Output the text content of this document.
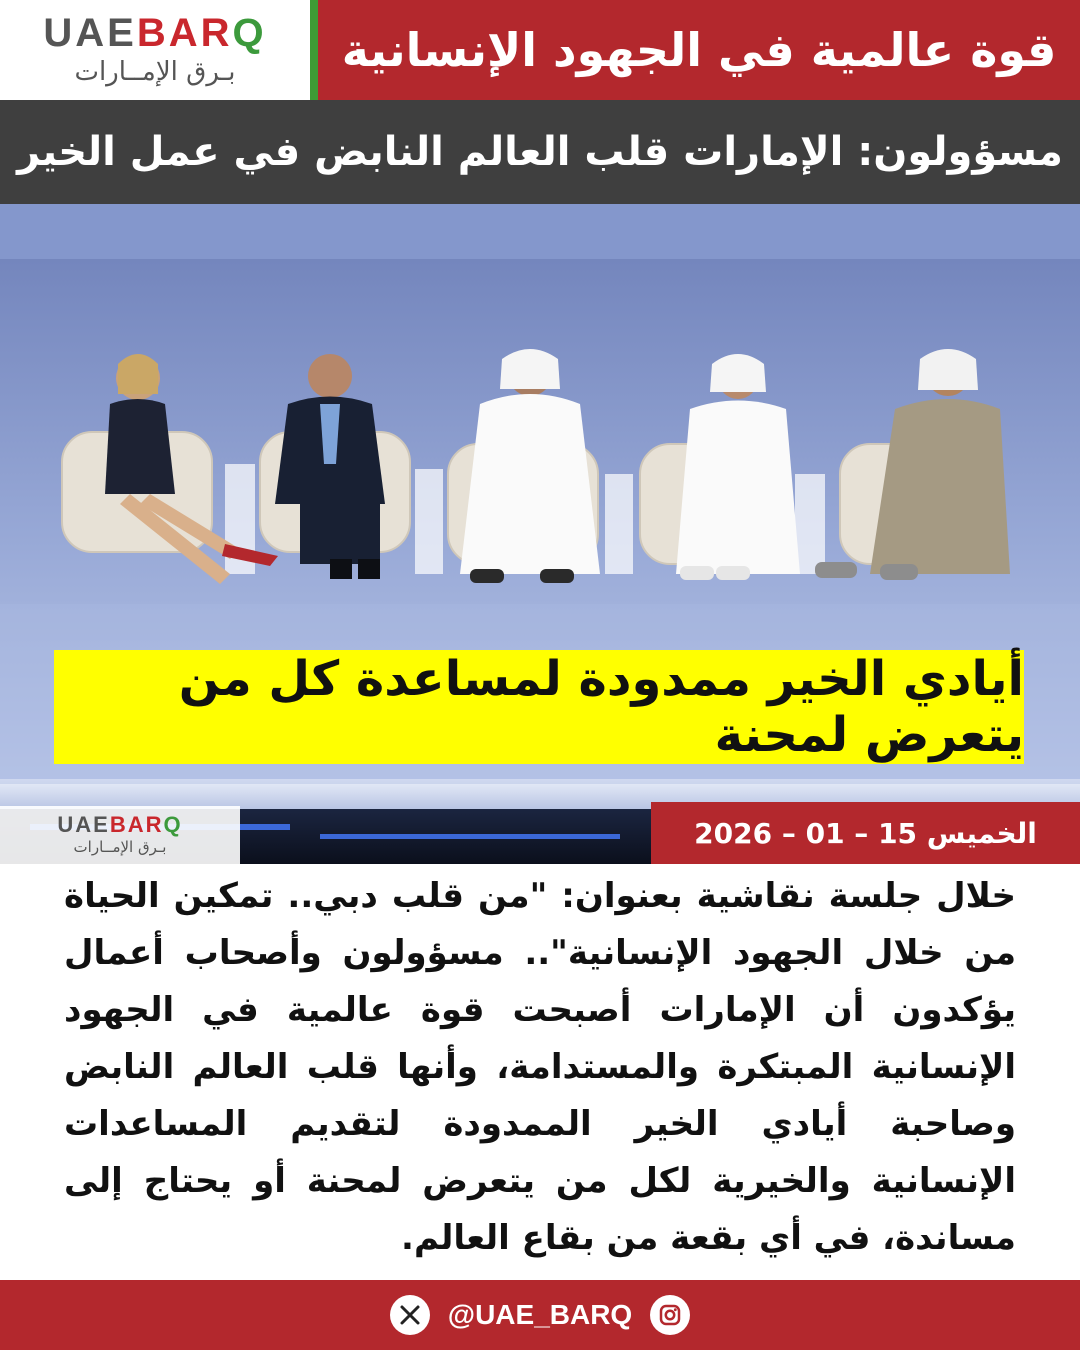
UAEBARQ
بـرق الإمــارات قوة عالمية في الجهود الإنسانية
مسؤولون: الإمارات قلب العالم النابض في عمل الخير
أيادي الخير ممدودة لمساعدة كل من يتعرض لمحنة
UAEBARQ
بـرق الإمــارات	الخميس 15 – 01 – 2026

خلال جلسة نقاشية بعنوان: "من قلب دبي.. تمكين الحياة من خلال الجهود الإنسانية".. مسؤولون وأصحاب أعمال يؤكدون أن الإمارات أصبحت قوة عالمية في الجهود الإنسانية المبتكرة والمستدامة، وأنها قلب العالم النابض وصاحبة أيادي الخير الممدودة لتقديم المساعدات الإنسانية والخيرية لكل من يتعرض لمحنة أو يحتاج إلى مساندة، في أي بقعة من بقاع العالم.

@UAE_BARQ
